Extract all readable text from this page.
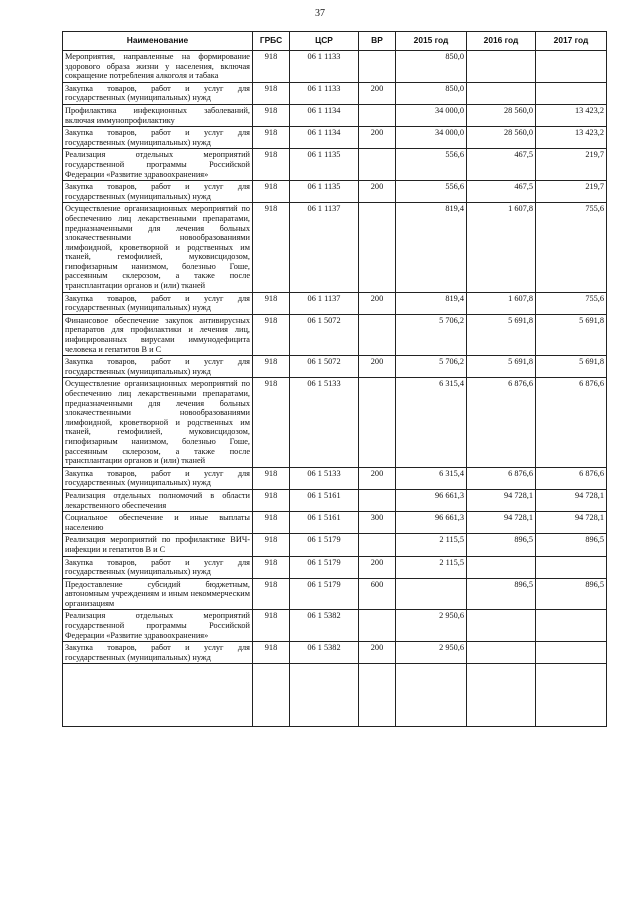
37
Наименование	ГРБС	ЦСР	ВР	2015 год	2016 год	2017 год
Мероприятия, направленные на формирование здорового образа жизни у населения, включая сокращение потребления алкоголя и табака	918	06 1 1133		850,0		
Закупка товаров, работ и услуг для государственных (муниципальных) нужд	918	06 1 1133	200	850,0		
Профилактика инфекционных заболеваний, включая иммунопрофилактику	918	06 1 1134		34 000,0	28 560,0	13 423,2
Закупка товаров, работ и услуг для государственных (муниципальных) нужд	918	06 1 1134	200	34 000,0	28 560,0	13 423,2
Реализация отдельных мероприятий государственной программы Российской Федерации «Развитие здравоохранения»	918	06 1 1135		556,6	467,5	219,7
Закупка товаров, работ и услуг для государственных (муниципальных) нужд	918	06 1 1135	200	556,6	467,5	219,7
Осуществление организационных мероприятий по обеспечению лиц лекарственными препаратами, предназначенными для лечения больных злокачественными новообразованиями лимфоидной, кроветворной и родственных им тканей, гемофилией, муковисцидозом, гипофизарным нанизмом, болезнью Гоше, рассеянным склерозом, а также после трансплантации органов и (или) тканей	918	06 1 1137		819,4	1 607,8	755,6
Закупка товаров, работ и услуг для государственных (муниципальных) нужд	918	06 1 1137	200	819,4	1 607,8	755,6
Финансовое обеспечение закупок антивирусных препаратов для профилактики и лечения лиц, инфицированных вирусами иммунодефицита человека и гепатитов В и С	918	06 1 5072		5 706,2	5 691,8	5 691,8
Закупка товаров, работ и услуг для государственных (муниципальных) нужд	918	06 1 5072	200	5 706,2	5 691,8	5 691,8
Осуществление организационных мероприятий по обеспечению лиц лекарственными препаратами, предназначенными для лечения больных злокачественными новообразованиями лимфоидной, кроветворной и родственных им тканей, гемофилией, муковисцидозом, гипофизарным нанизмом, болезнью Гоше, рассеянным склерозом, а также после трансплантации органов и (или) тканей	918	06 1 5133		6 315,4	6 876,6	6 876,6
Закупка товаров, работ и услуг для государственных (муниципальных) нужд	918	06 1 5133	200	6 315,4	6 876,6	6 876,6
Реализация отдельных полномочий в области лекарственного обеспечения	918	06 1 5161		96 661,3	94 728,1	94 728,1
Социальное обеспечение и иные выплаты населению	918	06 1 5161	300	96 661,3	94 728,1	94 728,1
Реализация мероприятий по профилактике ВИЧ-инфекции и гепатитов В и С	918	06 1 5179		2 115,5	896,5	896,5
Закупка товаров, работ и услуг для государственных (муниципальных) нужд	918	06 1 5179	200	2 115,5		
Предоставление субсидий бюджетным, автономным учреждениям и иным некоммерческим организациям	918	06 1 5179	600		896,5	896,5
Реализация отдельных мероприятий государственной программы Российской Федерации «Развитие здравоохранения»	918	06 1 5382		2 950,6		
Закупка товаров, работ и услуг для государственных (муниципальных) нужд	918	06 1 5382	200	2 950,6		
